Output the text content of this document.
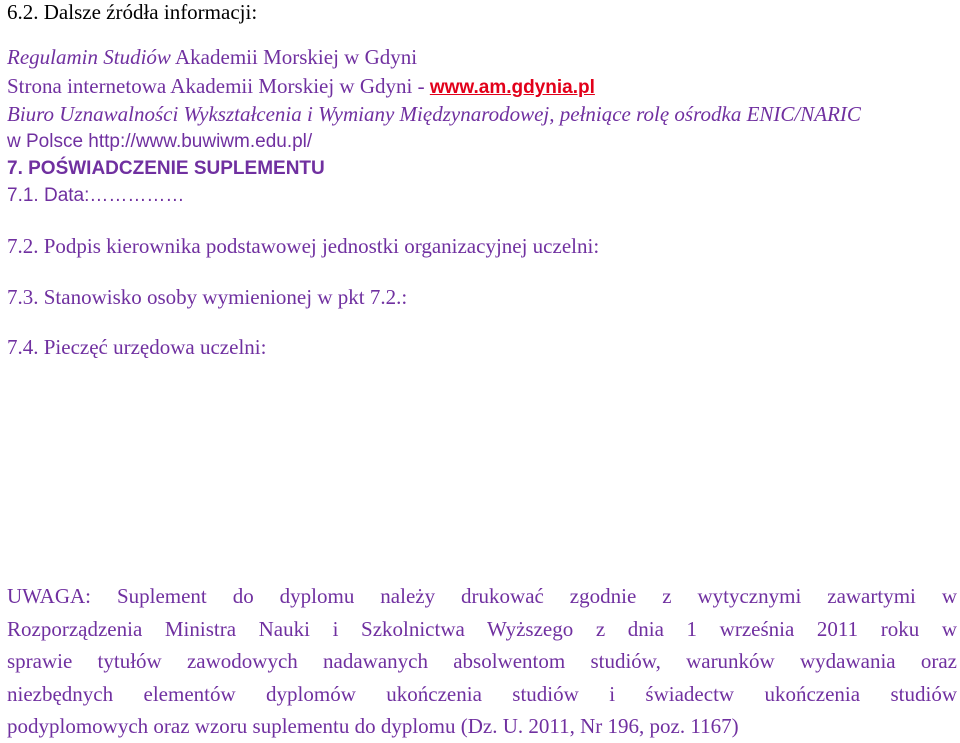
6.2. Dalsze źródła informacji:
Regulamin Studiów Akademii Morskiej w Gdyni
Strona internetowa Akademii Morskiej w Gdyni - www.am.gdynia.pl
Biuro Uznawalności Wykształcenia i Wymiany Międzynarodowej, pełniące rolę ośrodka ENIC/NARIC
w Polsce http://www.buwiwm.edu.pl/
7. POŚWIADCZENIE SUPLEMENTU
7.1. Data:……………
7.2. Podpis kierownika podstawowej jednostki organizacyjnej uczelni:
7.3. Stanowisko osoby wymienionej w pkt 7.2.:
7.4. Pieczęć urzędowa uczelni:
UWAGA: Suplement do dyplomu należy drukować zgodnie z wytycznymi zawartymi w
Rozporządzenia Ministra Nauki i Szkolnictwa Wyższego z dnia 1 września 2011 roku w
sprawie tytułów zawodowych nadawanych absolwentom studiów, warunków wydawania oraz
niezbędnych elementów dyplomów ukończenia studiów i świadectw ukończenia studiów
podyplomowych oraz wzoru suplementu do dyplomu (Dz. U. 2011, Nr 196, poz. 1167)
